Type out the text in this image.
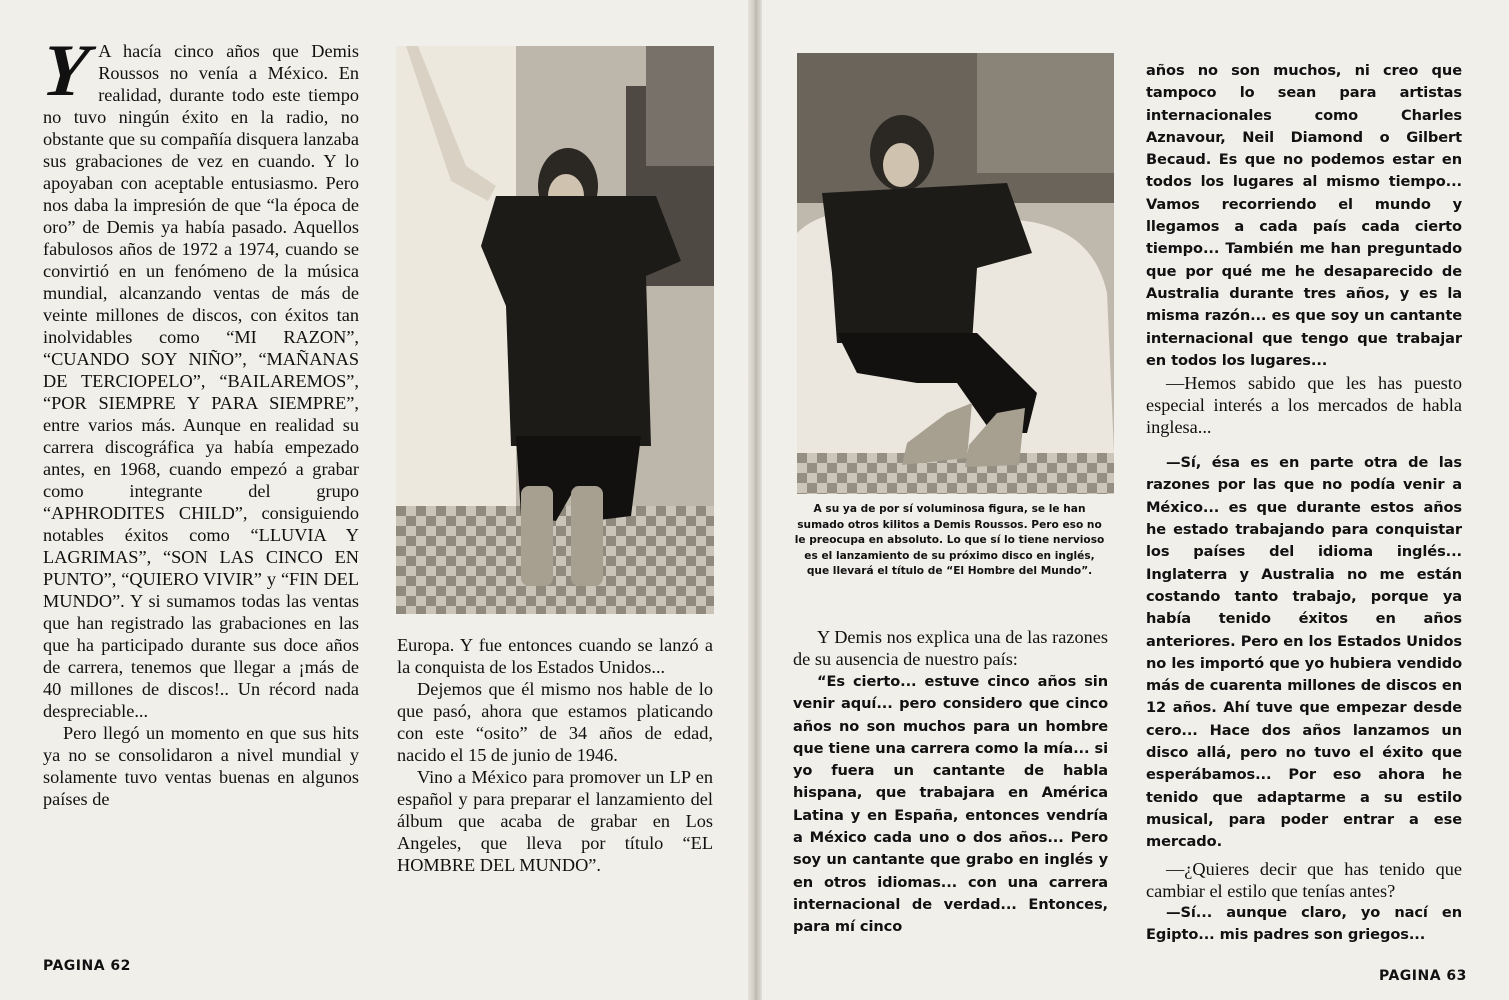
Y A hacía cinco años que Demis Roussos no venía a México. En realidad, durante todo este tiempo no tuvo ningún éxito en la radio, no obstante que su compañía disquera lanzaba sus grabaciones de vez en cuando. Y lo apoyaban con aceptable entusiasmo. Pero nos daba la impresión de que “la época de oro” de Demis ya había pasado. Aquellos fabulosos años de 1972 a 1974, cuando se convirtió en un fenómeno de la música mundial, alcanzando ventas de más de veinte millones de discos, con éxitos tan inolvidables como “MI RAZON”, “CUANDO SOY NIÑO”, “MAÑANAS DE TERCIOPELO”, “BAILAREMOS”, “POR SIEMPRE Y PARA SIEMPRE”, entre varios más. Aunque en realidad su carrera discográfica ya había empezado antes, en 1968, cuando empezó a grabar como integrante del grupo “APHRODITES CHILD”, consiguiendo notables éxitos como “LLUVIA Y LAGRIMAS”, “SON LAS CINCO EN PUNTO”, “QUIERO VIVIR” y “FIN DEL MUNDO”. Y si sumamos todas las ventas que han registrado las grabaciones en las que ha participado durante sus doce años de carrera, tenemos que llegar a ¡más de 40 millones de discos!.. Un récord nada despreciable...

Pero llegó un momento en que sus hits ya no se consolidaron a nivel mundial y solamente tuvo ventas buenas en algunos países de

Europa. Y fue entonces cuando se lanzó a la conquista de los Estados Unidos...

Dejemos que él mismo nos hable de lo que pasó, ahora que estamos platicando con este “osito” de 34 años de edad, nacido el 15 de junio de 1946.

Vino a México para promover un LP en español y para preparar el lanzamiento del álbum que acaba de grabar en Los Angeles, que lleva por título “EL HOMBRE DEL MUNDO”.

PAGINA 62
A su ya de por sí voluminosa figura, se le han sumado otros kilitos a Demis Roussos. Pero eso no le preocupa en absoluto. Lo que sí lo tiene nervioso es el lanzamiento de su próximo disco en inglés, que llevará el título de “El Hombre del Mundo”.

Y Demis nos explica una de las razones de su ausencia de nuestro país:

“Es cierto... estuve cinco años sin venir aquí... pero considero que cinco años no son muchos para un hombre que tiene una carrera como la mía... si yo fuera un cantante de habla hispana, que trabajara en América Latina y en España, entonces vendría a México cada uno o dos años... Pero soy un cantante que grabo en inglés y en otros idiomas... con una carrera internacional de verdad... Entonces, para mí cinco

años no son muchos, ni creo que tampoco lo sean para artistas internacionales como Charles Aznavour, Neil Diamond o Gilbert Becaud. Es que no podemos estar en todos los lugares al mismo tiempo... Vamos recorriendo el mundo y llegamos a cada país cada cierto tiempo... También me han preguntado que por qué me he desaparecido de Australia durante tres años, y es la misma razón... es que soy un cantante internacional que tengo que trabajar en todos los lugares...

—Hemos sabido que les has puesto especial interés a los mercados de habla inglesa...

—Sí, ésa es en parte otra de las razones por las que no podía venir a México... es que durante estos años he estado trabajando para conquistar los países del idioma inglés... Inglaterra y Australia no me están costando tanto trabajo, porque ya había tenido éxitos en años anteriores. Pero en los Estados Unidos no les importó que yo hubiera vendido más de cuarenta millones de discos en 12 años. Ahí tuve que empezar desde cero... Hace dos años lanzamos un disco allá, pero no tuvo el éxito que esperábamos... Por eso ahora he tenido que adaptarme a su estilo musical, para poder entrar a ese mercado.

—¿Quieres decir que has tenido que cambiar el estilo que tenías antes?

—Sí... aunque claro, yo nací en Egipto... mis padres son griegos...

PAGINA 63
